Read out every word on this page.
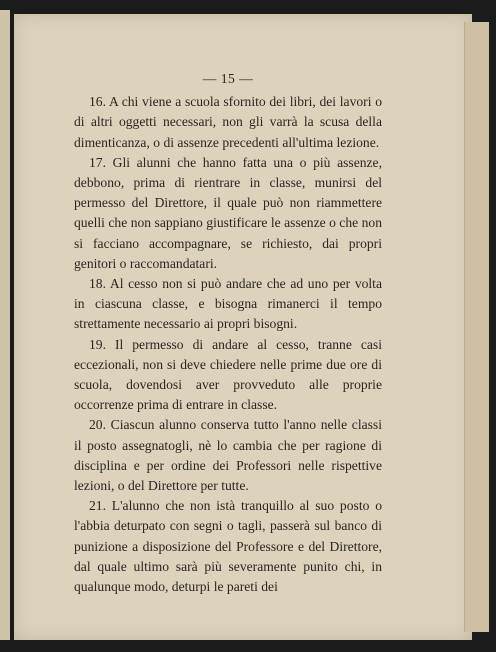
— 15 —

16. A chi viene a scuola sfornito dei libri, dei lavori o di altri oggetti necessari, non gli varrà la scusa della dimenticanza, o di assenze precedenti all'ultima lezione.

17. Gli alunni che hanno fatta una o più assenze, debbono, prima di rientrare in classe, munirsi del permesso del Direttore, il quale può non riammettere quelli che non sappiano giustificare le assenze o che non si facciano accompagnare, se richiesto, dai propri genitori o raccomandatari.

18. Al cesso non si può andare che ad uno per volta in ciascuna classe, e bisogna rimanerci il tempo strettamente necessario ai propri bisogni.

19. Il permesso di andare al cesso, tranne casi eccezionali, non si deve chiedere nelle prime due ore di scuola, dovendosi aver provveduto alle proprie occorrenze prima di entrare in classe.

20. Ciascun alunno conserva tutto l'anno nelle classi il posto assegnatogli, nè lo cambia che per ragione di disciplina e per ordine dei Professori nelle rispettive lezioni, o del Direttore per tutte.

21. L'alunno che non istà tranquillo al suo posto o l'abbia deturpato con segni o tagli, passerà sul banco di punizione a disposizione del Professore e del Direttore, dal quale ultimo sarà più severamente punito chi, in qualunque modo, deturpi le pareti dei
